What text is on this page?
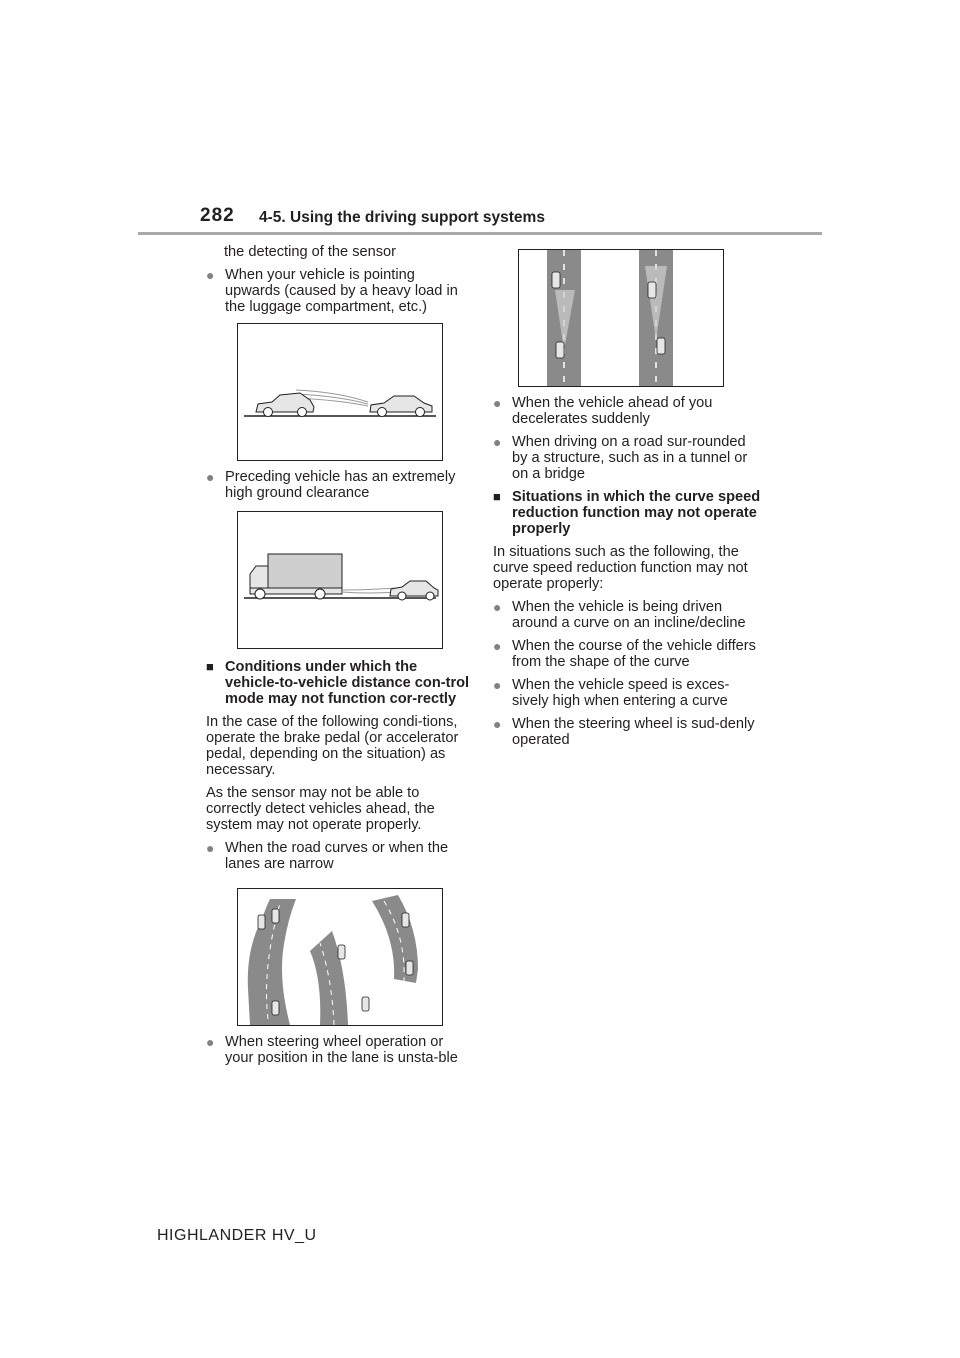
282 4-5. Using the driving support systems

the detecting of the sensor

● When your vehicle is pointing upwards (caused by a heavy load in the luggage compartment, etc.)
● Preceding vehicle has an extremely high ground clearance
■ Conditions under which the vehicle-to-vehicle distance con-trol mode may not function cor-rectly

In the case of the following condi-tions, operate the brake pedal (or accelerator pedal, depending on the situation) as necessary.

As the sensor may not be able to correctly detect vehicles ahead, the system may not operate properly.

● When the road curves or when the lanes are narrow
● When steering wheel operation or your position in the lane is unsta-ble
● When the vehicle ahead of you decelerates suddenly
● When driving on a road sur-rounded by a structure, such as in a tunnel or on a bridge
■ Situations in which the curve speed reduction function may not operate properly

In situations such as the following, the curve speed reduction function may not operate properly:

● When the vehicle is being driven around a curve on an incline/decline
● When the course of the vehicle differs from the shape of the curve
● When the vehicle speed is exces-sively high when entering a curve
● When the steering wheel is sud-denly operated
HIGHLANDER HV_U
